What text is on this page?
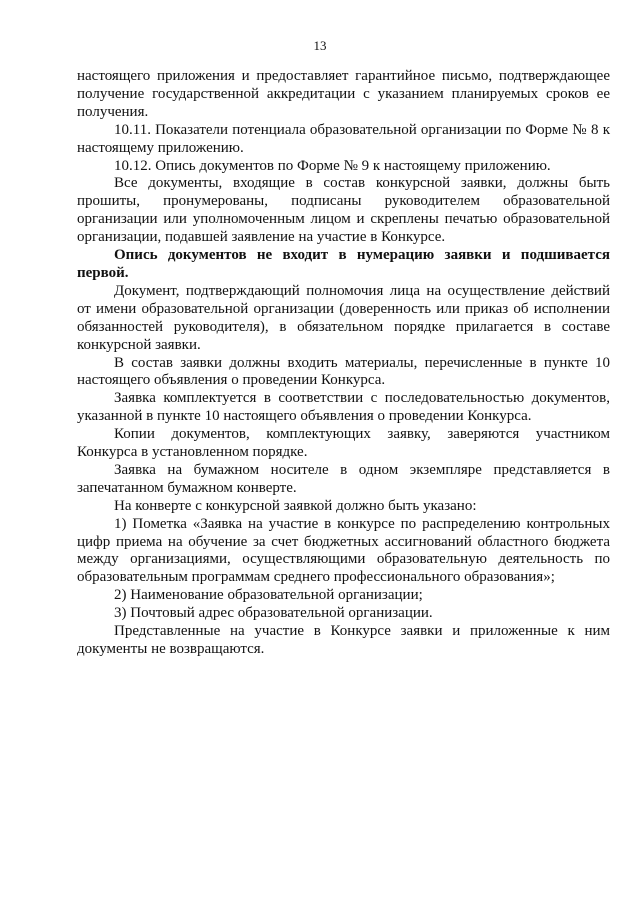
13

настоящего приложения и предоставляет гарантийное письмо, подтверждающее получение государственной аккредитации с указанием планируемых сроков ее получения.

10.11. Показатели потенциала образовательной организации по Форме № 8 к настоящему приложению.

10.12. Опись документов по Форме № 9 к настоящему приложению.

Все документы, входящие в состав конкурсной заявки, должны быть прошиты, пронумерованы, подписаны руководителем образовательной организации или уполномоченным лицом и скреплены печатью образовательной организации, подавшей заявление на участие в Конкурсе.

Опись документов не входит в нумерацию заявки и подшивается первой.

Документ, подтверждающий полномочия лица на осуществление действий от имени образовательной организации (доверенность или приказ об исполнении обязанностей руководителя), в обязательном порядке прилагается в составе конкурсной заявки.

В состав заявки должны входить материалы, перечисленные в пункте 10 настоящего объявления о проведении Конкурса.

Заявка комплектуется в соответствии с последовательностью документов, указанной в пункте 10 настоящего объявления о проведении Конкурса.

Копии документов, комплектующих заявку, заверяются участником Конкурса в установленном порядке.

Заявка на бумажном носителе в одном экземпляре представляется в запечатанном бумажном конверте.

На конверте с конкурсной заявкой должно быть указано:

1) Пометка «Заявка на участие в конкурсе по распределению контрольных цифр приема на обучение за счет бюджетных ассигнований областного бюджета между организациями, осуществляющими образовательную деятельность по образовательным программам среднего профессионального образования»;

2) Наименование образовательной организации;

3) Почтовый адрес образовательной организации.

Представленные на участие в Конкурсе заявки и приложенные к ним документы не возвращаются.
